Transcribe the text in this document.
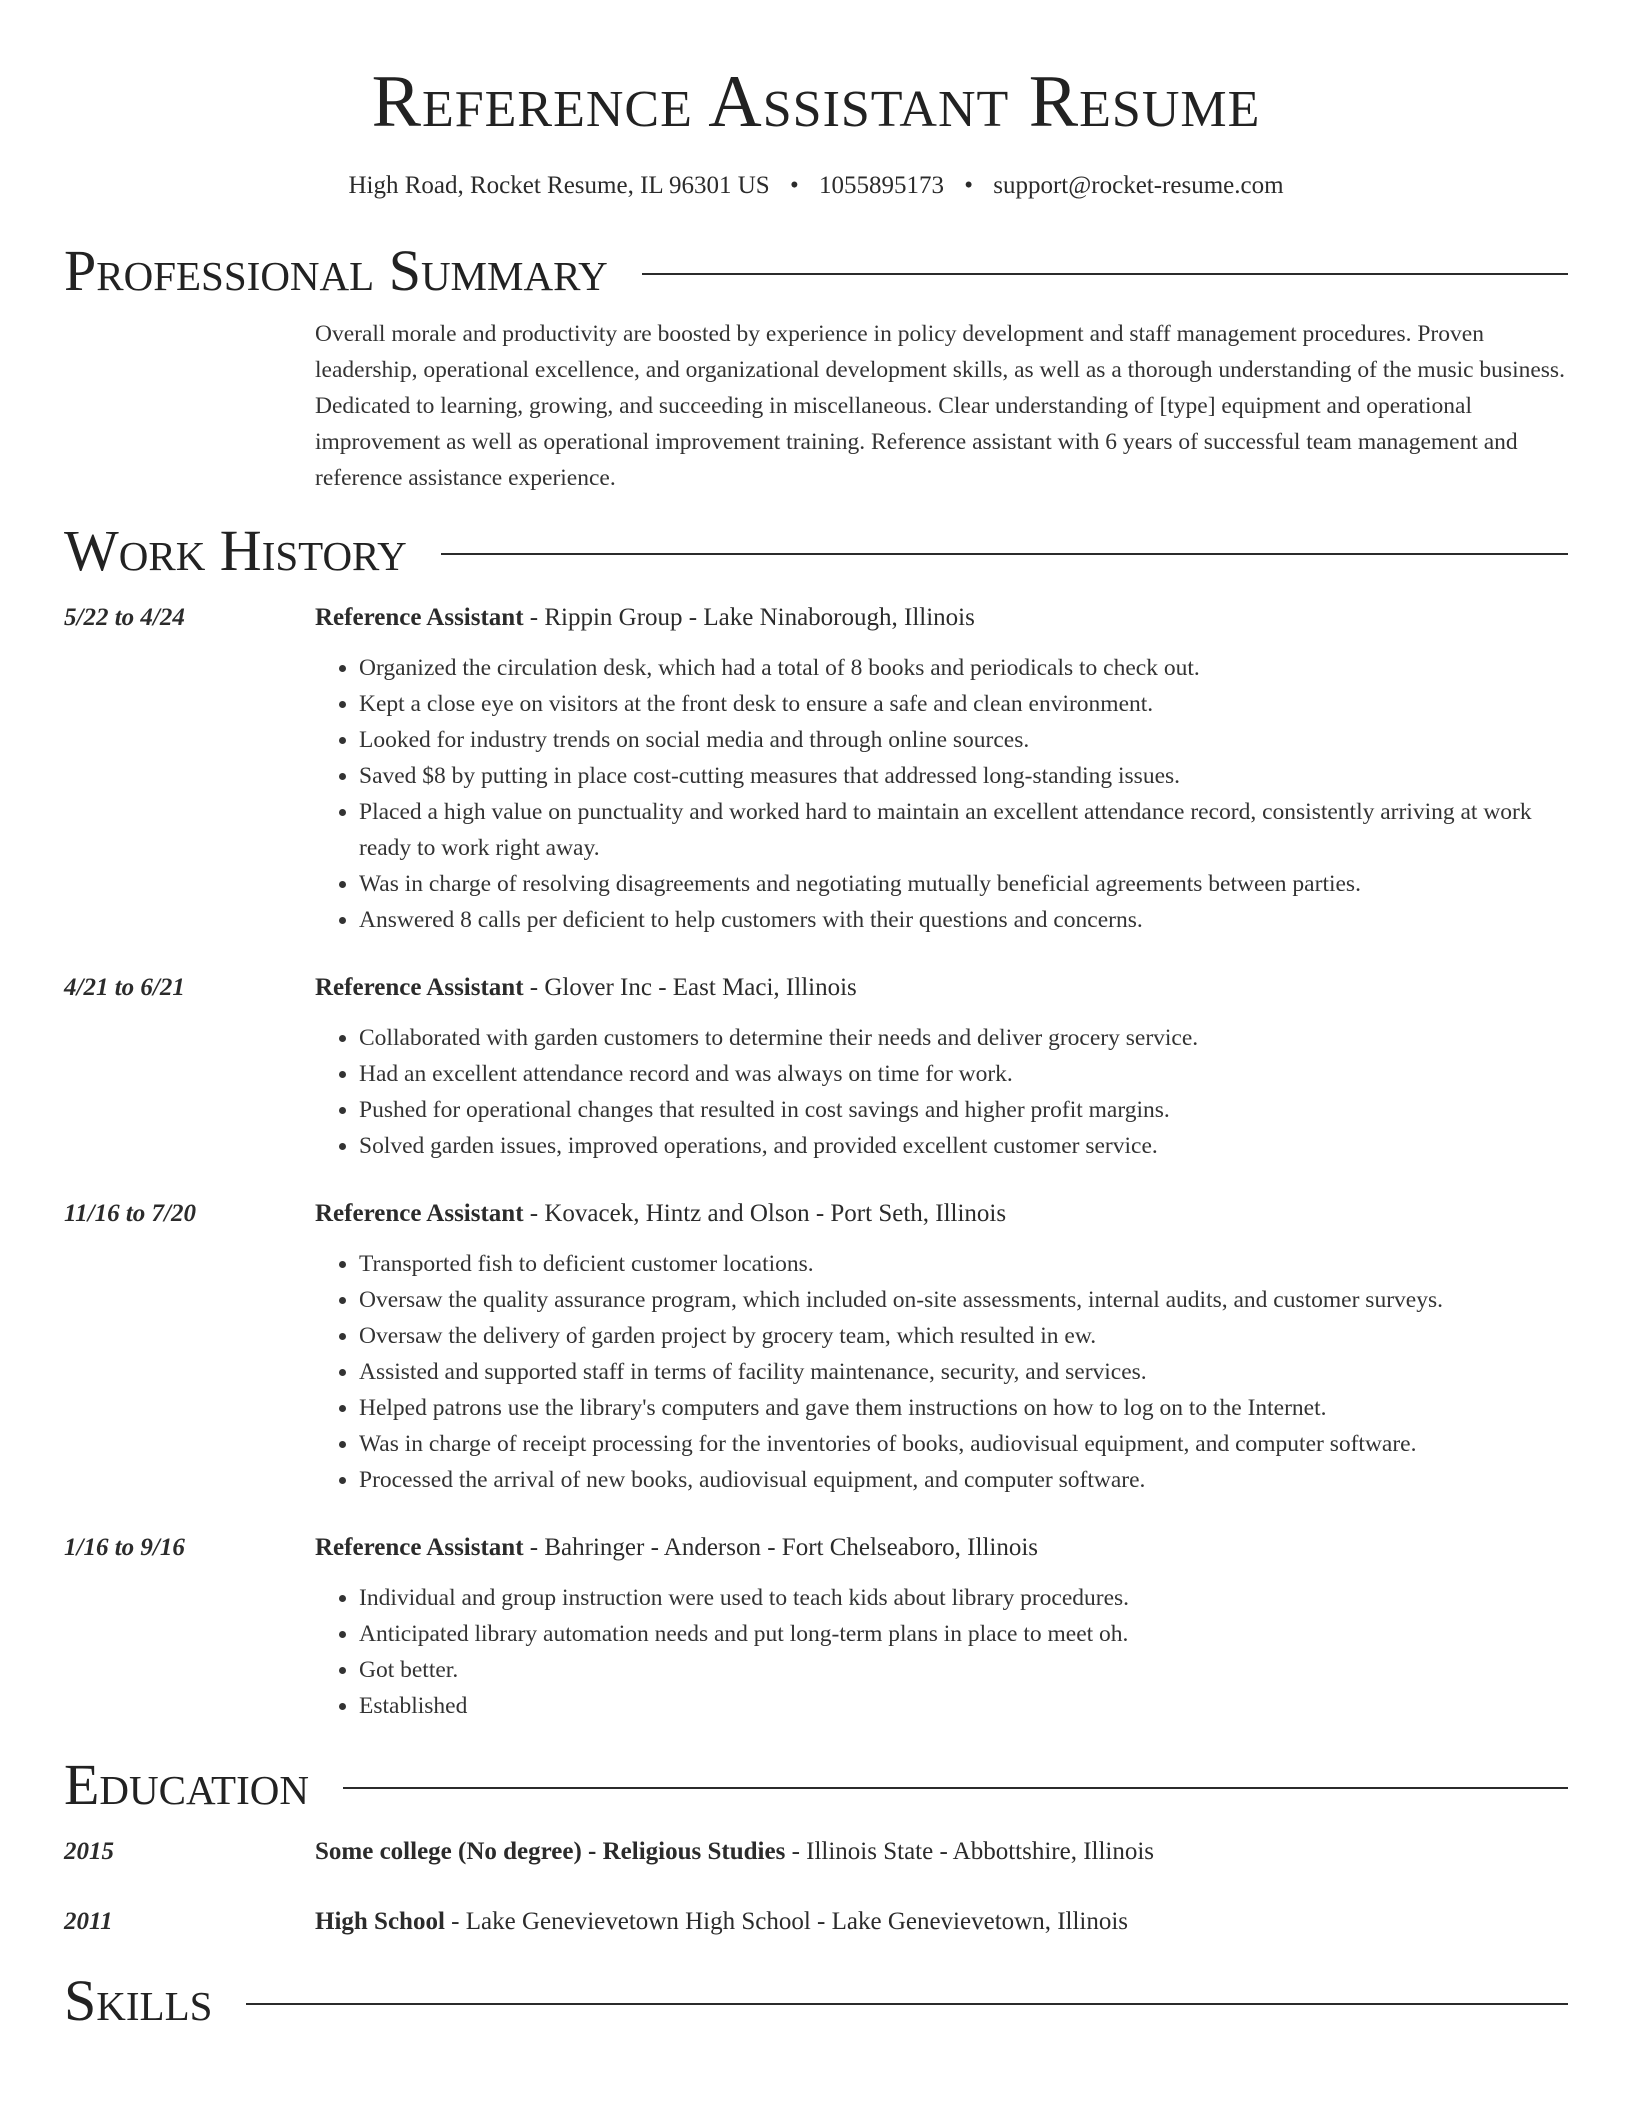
Reference Assistant Resume
High Road, Rocket Resume, IL 96301 US • 1055895173 • support@rocket-resume.com
Professional Summary

Overall morale and productivity are boosted by experience in policy development and staff management procedures. Proven leadership, operational excellence, and organizational development skills, as well as a thorough understanding of the music business. Dedicated to learning, growing, and succeeding in miscellaneous. Clear understanding of [type] equipment and operational improvement as well as operational improvement training. Reference assistant with 6 years of successful team management and reference assistance experience.

Work History
5/22 to 4/24	Reference Assistant - Rippin Group - Lake Ninaborough, Illinois
• Organized the circulation desk, which had a total of 8 books and periodicals to check out.
• Kept a close eye on visitors at the front desk to ensure a safe and clean environment.
• Looked for industry trends on social media and through online sources.
• Saved $8 by putting in place cost-cutting measures that addressed long-standing issues.
• Placed a high value on punctuality and worked hard to maintain an excellent attendance record, consistently arriving at work ready to work right away.
• Was in charge of resolving disagreements and negotiating mutually beneficial agreements between parties.
• Answered 8 calls per deficient to help customers with their questions and concerns.
4/21 to 6/21	Reference Assistant - Glover Inc - East Maci, Illinois
• Collaborated with garden customers to determine their needs and deliver grocery service.
• Had an excellent attendance record and was always on time for work.
• Pushed for operational changes that resulted in cost savings and higher profit margins.
• Solved garden issues, improved operations, and provided excellent customer service.
11/16 to 7/20	Reference Assistant - Kovacek, Hintz and Olson - Port Seth, Illinois
• Transported fish to deficient customer locations.
• Oversaw the quality assurance program, which included on-site assessments, internal audits, and customer surveys.
• Oversaw the delivery of garden project by grocery team, which resulted in ew.
• Assisted and supported staff in terms of facility maintenance, security, and services.
• Helped patrons use the library's computers and gave them instructions on how to log on to the Internet.
• Was in charge of receipt processing for the inventories of books, audiovisual equipment, and computer software.
• Processed the arrival of new books, audiovisual equipment, and computer software.
1/16 to 9/16	Reference Assistant - Bahringer - Anderson - Fort Chelseaboro, Illinois
• Individual and group instruction were used to teach kids about library procedures.
• Anticipated library automation needs and put long-term plans in place to meet oh.
• Got better.
• Established
Education
2015	Some college (No degree) - Religious Studies - Illinois State - Abbottshire, Illinois
2011	High School - Lake Genevievetown High School - Lake Genevievetown, Illinois
Skills
